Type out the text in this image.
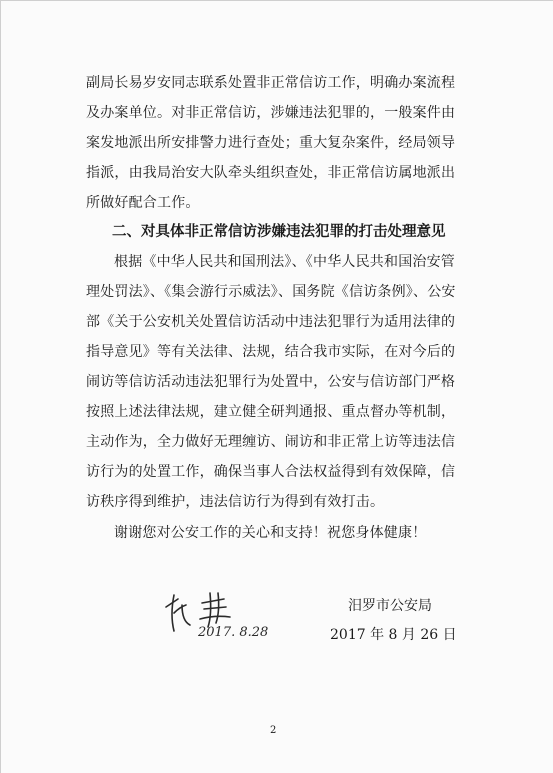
副局长易岁安同志联系处置非正常信访工作，明确办案流程
及办案单位。对非正常信访，涉嫌违法犯罪的，一般案件由
案发地派出所安排警力进行查处；重大复杂案件，经局领导
指派，由我局治安大队牵头组织查处，非正常信访属地派出
所做好配合工作。
二、对具体非正常信访涉嫌违法犯罪的打击处理意见
根据《中华人民共和国刑法》、《中华人民共和国治安管
理处罚法》、《集会游行示威法》、国务院《信访条例》、公安
部《关于公安机关处置信访活动中违法犯罪行为适用法律的
指导意见》等有关法律、法规，结合我市实际，在对今后的
闹访等信访活动违法犯罪行为处置中，公安与信访部门严格
按照上述法律法规，建立健全研判通报、重点督办等机制，
主动作为，全力做好无理缠访、闹访和非正常上访等违法信
访行为的处置工作，确保当事人合法权益得到有效保障，信
访秩序得到维护，违法信访行为得到有效打击。
谢谢您对公安工作的关心和支持！祝您身体健康！
2017. 8.28
汨罗市公安局
2017 年 8 月 26 日
2
